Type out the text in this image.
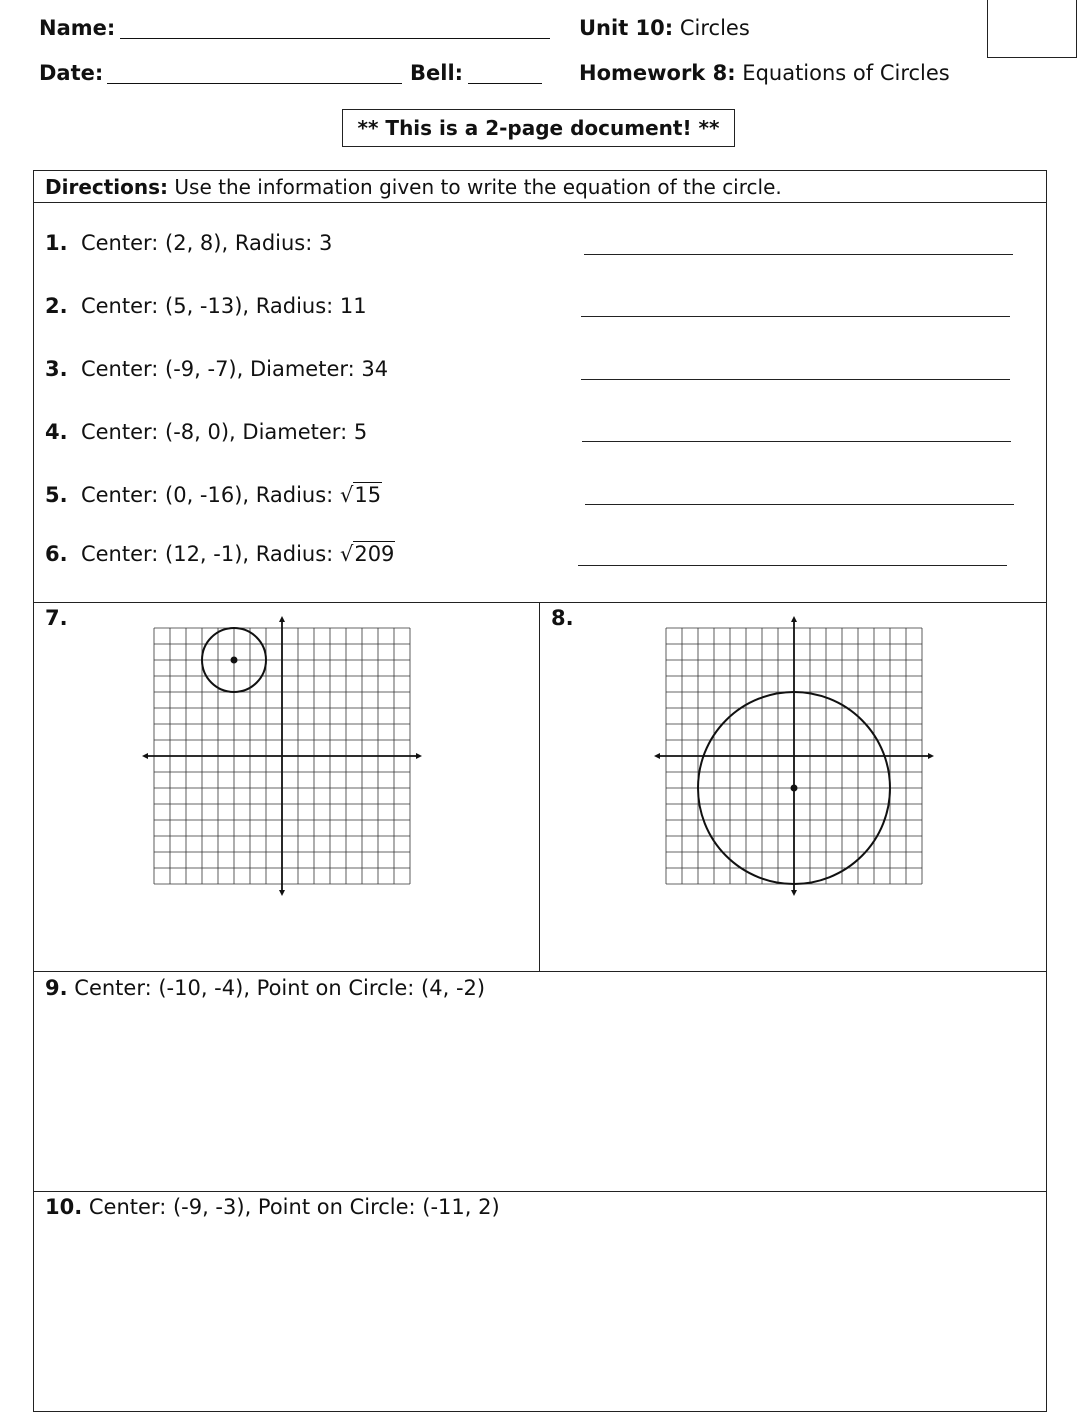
Name:
Date:	Bell:
Unit 10: Circles
Homework 8: Equations of Circles
** This is a 2-page document! **
Directions: Use the information given to write the equation of the circle.
1. Center: (2, 8), Radius: 3
2. Center: (5, -13), Radius: 11
3. Center: (-9, -7), Diameter: 34
4. Center: (-8, 0), Diameter: 5
5. Center: (0, -16), Radius: √15
6. Center: (12, -1), Radius: √209
7.	8.
9. Center: (-10, -4), Point on Circle: (4, -2)
10. Center: (-9, -3), Point on Circle: (-11, 2)
